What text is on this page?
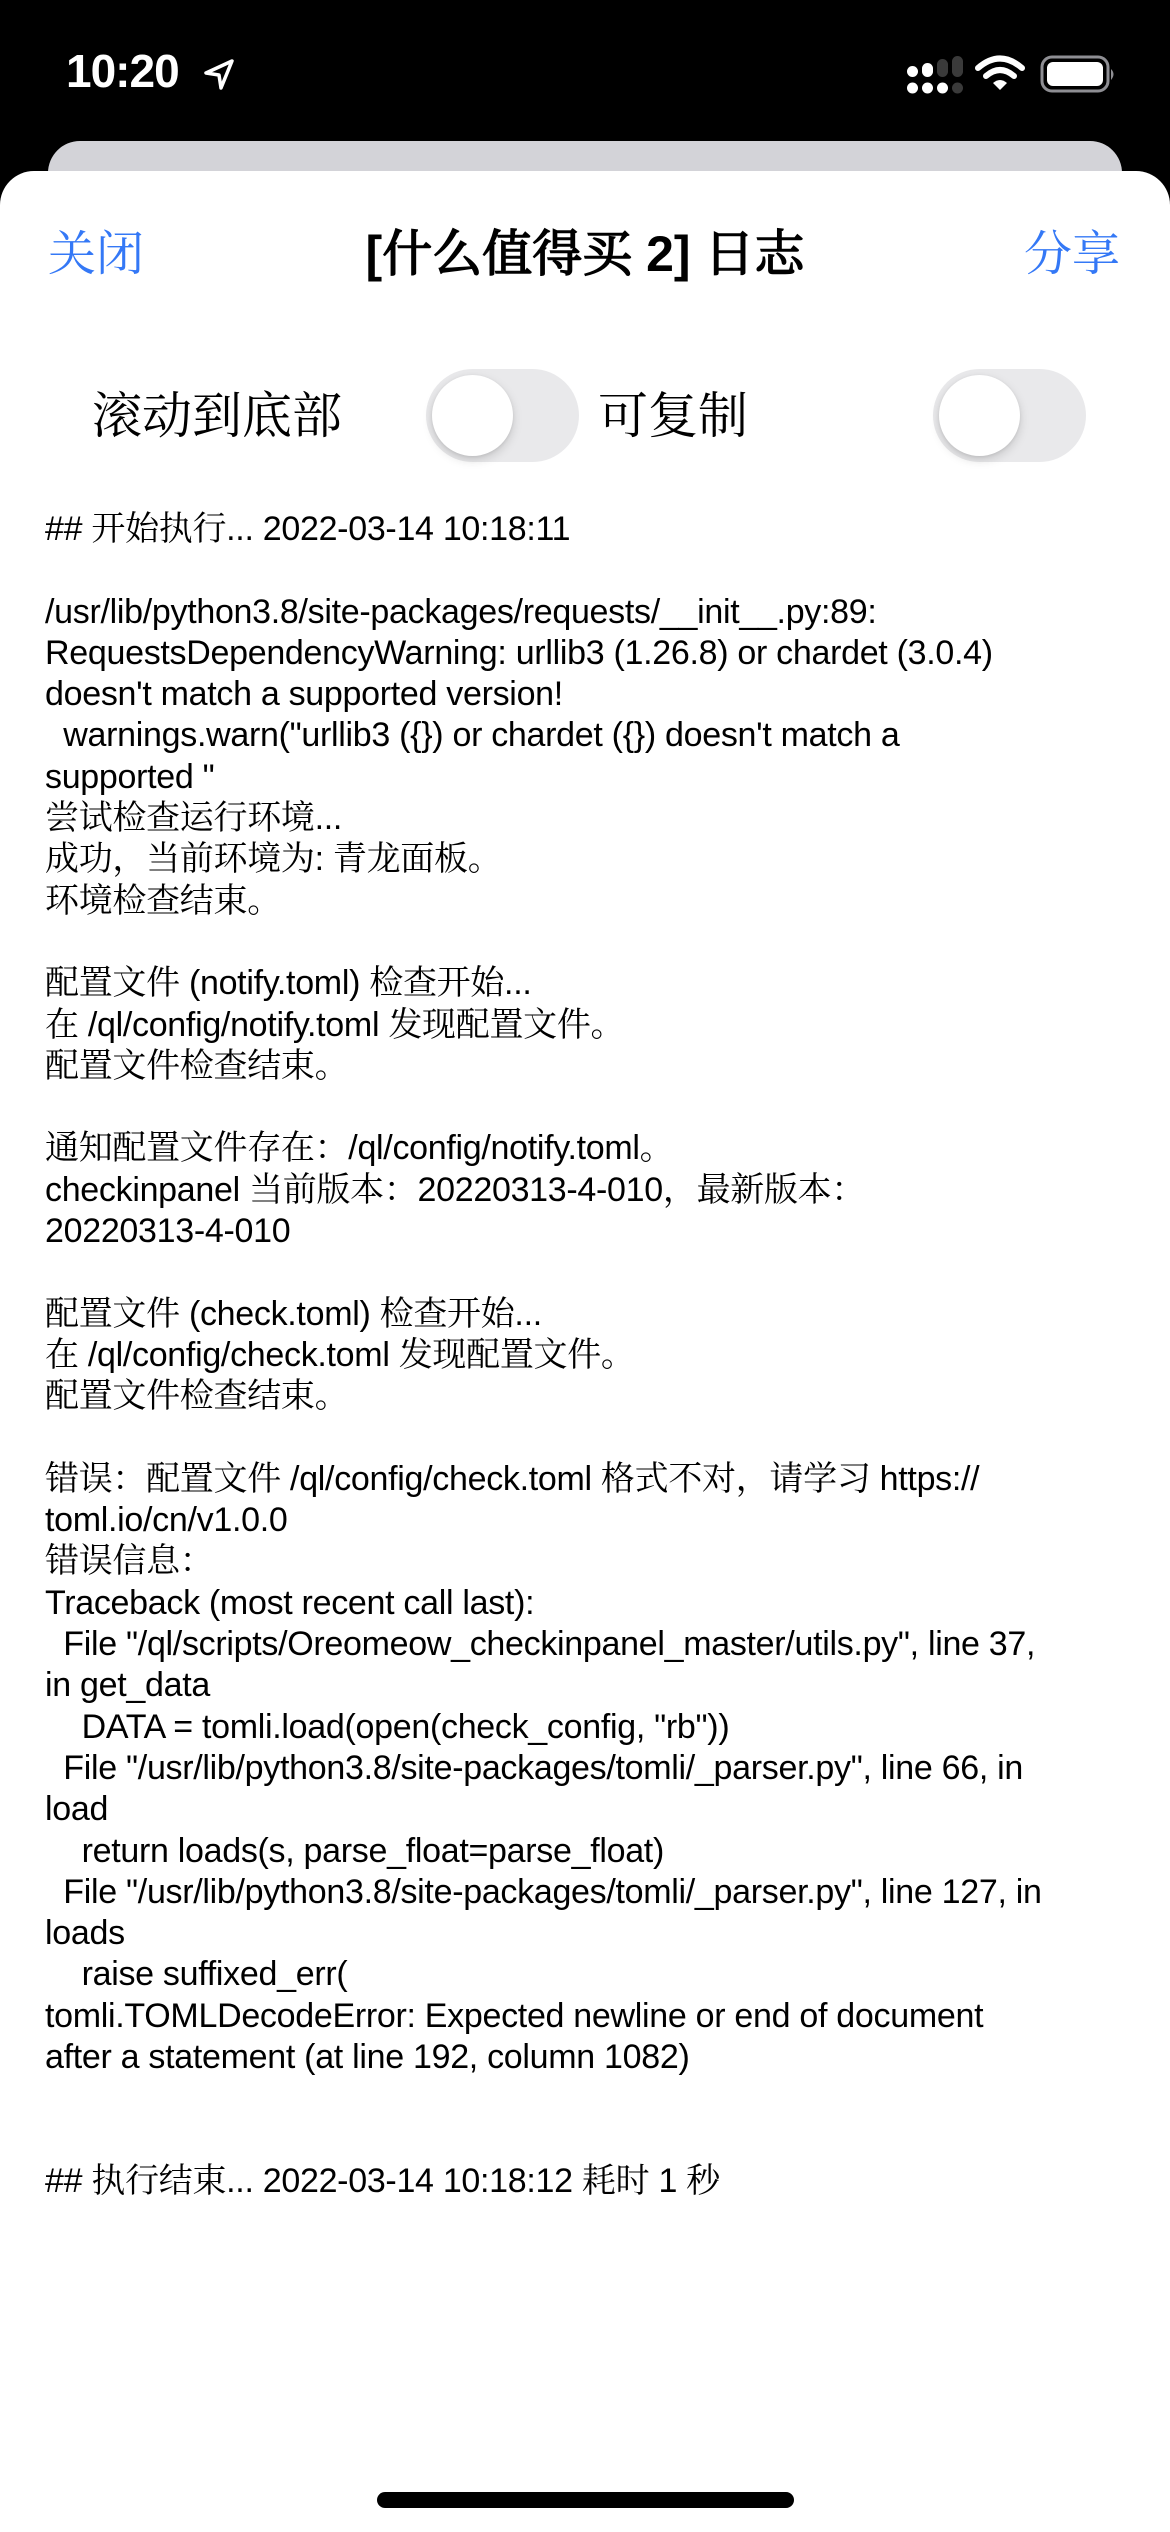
10:20
关闭	[什么值得买 2] 日志	分享
滚动到底部	可复制
## 开始执行... 2022-03-14 10:18:11
/usr/lib/python3.8/site-packages/requests/__init__.py:89:
RequestsDependencyWarning: urllib3 (1.26.8) or chardet (3.0.4)
doesn't match a supported version!
warnings.warn("urllib3 ({}) or chardet ({}) doesn't match a
supported "
尝试检查运行环境...
成功，当前环境为: 青龙面板。
环境检查结束。
配置文件 (notify.toml) 检查开始...
在 /ql/config/notify.toml 发现配置文件。
配置文件检查结束。
通知配置文件存在：/ql/config/notify.toml。
checkinpanel 当前版本：20220313-4-010，最新版本：
20220313-4-010
配置文件 (check.toml) 检查开始...
在 /ql/config/check.toml 发现配置文件。
配置文件检查结束。
错误：配置文件 /ql/config/check.toml 格式不对，请学习 https://
toml.io/cn/v1.0.0
错误信息：
Traceback (most recent call last):
File "/ql/scripts/Oreomeow_checkinpanel_master/utils.py", line 37,
in get_data
DATA = tomli.load(open(check_config, "rb"))
File "/usr/lib/python3.8/site-packages/tomli/_parser.py", line 66, in
load
return loads(s, parse_float=parse_float)
File "/usr/lib/python3.8/site-packages/tomli/_parser.py", line 127, in
loads
raise suffixed_err(
tomli.TOMLDecodeError: Expected newline or end of document
after a statement (at line 192, column 1082)
## 执行结束... 2022-03-14 10:18:12 耗时 1 秒
